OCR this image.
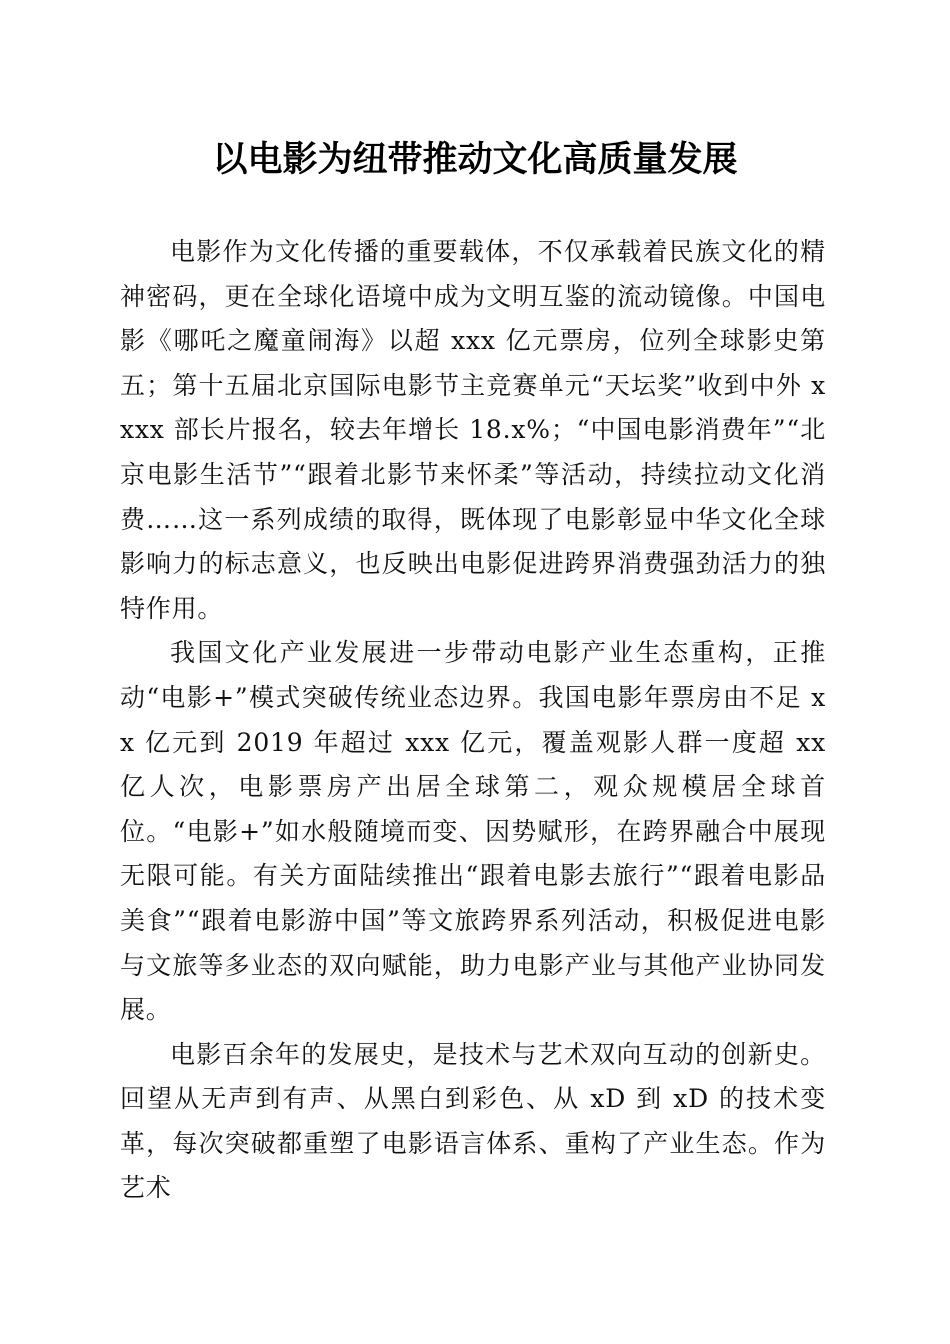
以电影为纽带推动文化高质量发展

电影作为文化传播的重要载体，不仅承载着民族文化的精神密码，更在全球化语境中成为文明互鉴的流动镜像。中国电影《哪吒之魔童闹海》以超 xxx 亿元票房，位列全球影史第五；第十五届北京国际电影节主竞赛单元“天坛奖”收到中外 xxxx 部长片报名，较去年增长 18.x%；“中国电影消费年”“北京电影生活节”“跟着北影节来怀柔”等活动，持续拉动文化消费……这一系列成绩的取得，既体现了电影彰显中华文化全球影响力的标志意义，也反映出电影促进跨界消费强劲活力的独特作用。

我国文化产业发展进一步带动电影产业生态重构，正推动“电影+”模式突破传统业态边界。我国电影年票房由不足 xx 亿元到 2019 年超过 xxx 亿元，覆盖观影人群一度超 xx 亿人次，电影票房产出居全球第二，观众规模居全球首位。“电影+”如水般随境而变、因势赋形，在跨界融合中展现无限可能。有关方面陆续推出“跟着电影去旅行”“跟着电影品美食”“跟着电影游中国”等文旅跨界系列活动，积极促进电影与文旅等多业态的双向赋能，助力电影产业与其他产业协同发展。

电影百余年的发展史，是技术与艺术双向互动的创新史。回望从无声到有声、从黑白到彩色、从 xD 到 xD 的技术变革，每次突破都重塑了电影语言体系、重构了产业生态。作为艺术
